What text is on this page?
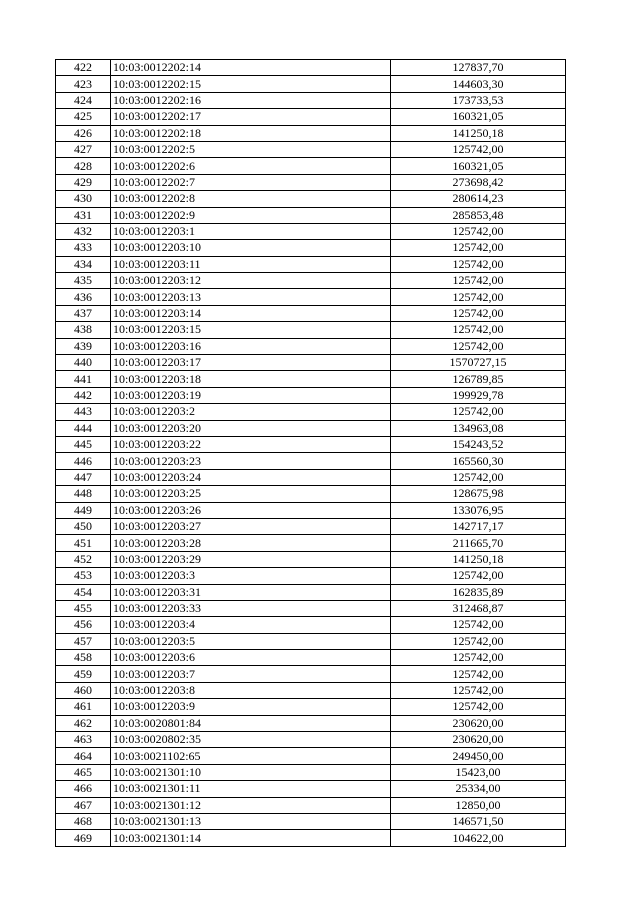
422	10:03:0012202:14	127837,70
423	10:03:0012202:15	144603,30
424	10:03:0012202:16	173733,53
425	10:03:0012202:17	160321,05
426	10:03:0012202:18	141250,18
427	10:03:0012202:5	125742,00
428	10:03:0012202:6	160321,05
429	10:03:0012202:7	273698,42
430	10:03:0012202:8	280614,23
431	10:03:0012202:9	285853,48
432	10:03:0012203:1	125742,00
433	10:03:0012203:10	125742,00
434	10:03:0012203:11	125742,00
435	10:03:0012203:12	125742,00
436	10:03:0012203:13	125742,00
437	10:03:0012203:14	125742,00
438	10:03:0012203:15	125742,00
439	10:03:0012203:16	125742,00
440	10:03:0012203:17	1570727,15
441	10:03:0012203:18	126789,85
442	10:03:0012203:19	199929,78
443	10:03:0012203:2	125742,00
444	10:03:0012203:20	134963,08
445	10:03:0012203:22	154243,52
446	10:03:0012203:23	165560,30
447	10:03:0012203:24	125742,00
448	10:03:0012203:25	128675,98
449	10:03:0012203:26	133076,95
450	10:03:0012203:27	142717,17
451	10:03:0012203:28	211665,70
452	10:03:0012203:29	141250,18
453	10:03:0012203:3	125742,00
454	10:03:0012203:31	162835,89
455	10:03:0012203:33	312468,87
456	10:03:0012203:4	125742,00
457	10:03:0012203:5	125742,00
458	10:03:0012203:6	125742,00
459	10:03:0012203:7	125742,00
460	10:03:0012203:8	125742,00
461	10:03:0012203:9	125742,00
462	10:03:0020801:84	230620,00
463	10:03:0020802:35	230620,00
464	10:03:0021102:65	249450,00
465	10:03:0021301:10	15423,00
466	10:03:0021301:11	25334,00
467	10:03:0021301:12	12850,00
468	10:03:0021301:13	146571,50
469	10:03:0021301:14	104622,00
